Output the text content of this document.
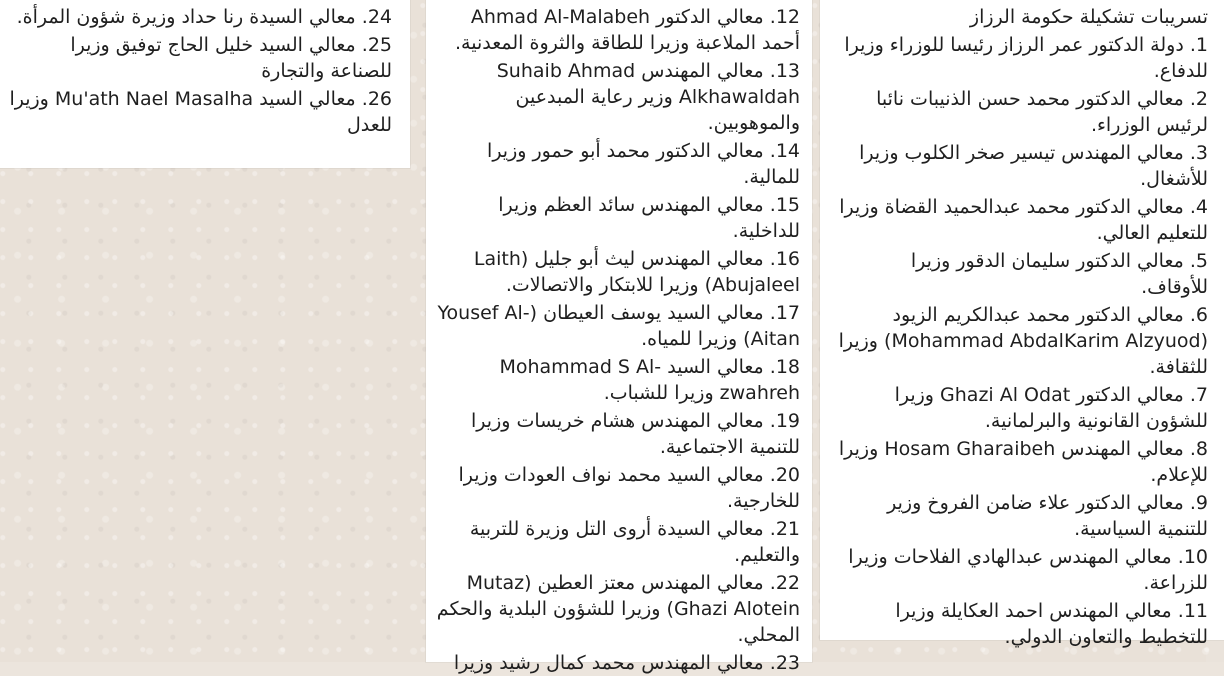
24. معالي السيدة رنا حداد وزيرة شؤون المرأة.
25. معالي السيد خليل الحاج توفيق وزيرا للصناعة والتجارة
26. معالي السيد Mu'ath Nael Masalha وزيرا للعدل
12. معالي الدكتور Ahmad Al-Malabeh أحمد الملاعبة وزيرا للطاقة والثروة المعدنية.
13. معالي المهندس Suhaib Ahmad Alkhawaldah وزير رعاية المبدعين والموهوبين.
14. معالي الدكتور محمد أبو حمور وزيرا للمالية.
15. معالي المهندس سائد العظم وزيرا للداخلية.
16. معالي المهندس ليث أبو جليل (Laith Abujaleel) وزيرا للابتكار والاتصالات.
17. معالي السيد يوسف العيطان (Yousef Al-Aitan) وزيرا للمياه.
18. معالي السيد Mohammad S Al-zwahreh وزيرا للشباب.
19. معالي المهندس هشام خريسات وزيرا للتنمية الاجتماعية.
20. معالي السيد محمد نواف العودات وزيرا للخارجية.
21. معالي السيدة أروى التل وزيرة للتربية والتعليم.
22. معالي المهندس معتز العطين (Mutaz Ghazi Alotein) وزيرا للشؤون البلدية والحكم المحلي.
23. معالي المهندس محمد كمال رشيد وزيرا
تسريبات تشكيلة حكومة الرزاز
1. دولة الدكتور عمر الرزاز رئيسا للوزراء وزيرا للدفاع.
2. معالي الدكتور محمد حسن الذنيبات نائبا لرئيس الوزراء.
3. معالي المهندس تيسير صخر الكلوب وزيرا للأشغال.
4. معالي الدكتور محمد عبدالحميد القضاة وزيرا للتعليم العالي.
5. معالي الدكتور سليمان الدقور وزيرا للأوقاف.
6. معالي الدكتور محمد عبدالكريم الزيود (Mohammad AbdalKarim Alzyuod) وزيرا للثقافة.
7. معالي الدكتور Ghazi Al Odat وزيرا للشؤون القانونية والبرلمانية.
8. معالي المهندس Hosam Gharaibeh وزيرا للإعلام.
9. معالي الدكتور علاء ضامن الفروخ وزير للتنمية السياسية.
10. معالي المهندس عبدالهادي الفلاحات وزيرا للزراعة.
11. معالي المهندس احمد العكايلة وزيرا للتخطيط والتعاون الدولي.
